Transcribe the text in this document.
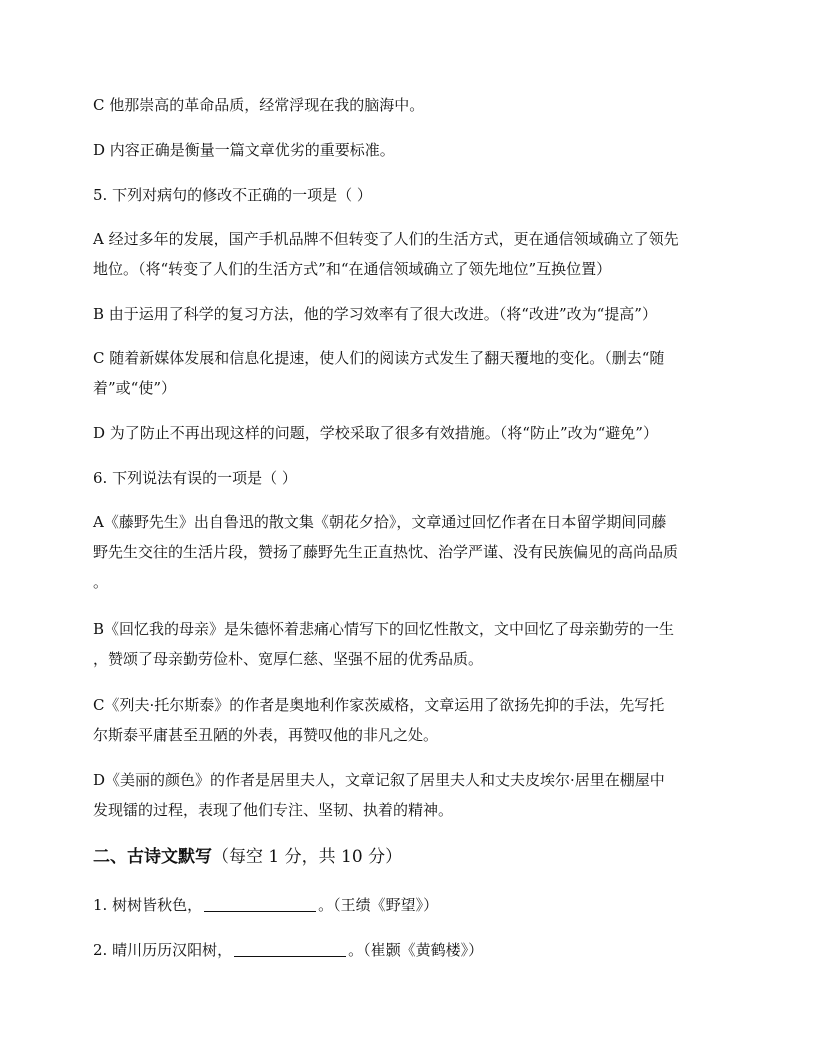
C 他那崇高的革命品质，经常浮现在我的脑海中。

D 内容正确是衡量一篇文章优劣的重要标准。

5. 下列对病句的修改不正确的一项是（ ）

A 经过多年的发展，国产手机品牌不但转变了人们的生活方式，更在通信领域确立了领先

地位。（将“转变了人们的生活方式”和“在通信领域确立了领先地位”互换位置）

B 由于运用了科学的复习方法，他的学习效率有了很大改进。（将“改进”改为“提高”）

C 随着新媒体发展和信息化提速，使人们的阅读方式发生了翻天覆地的变化。（删去“随

着”或“使”）

D 为了防止不再出现这样的问题，学校采取了很多有效措施。（将“防止”改为“避免”）

6. 下列说法有误的一项是（ ）

A《藤野先生》出自鲁迅的散文集《朝花夕拾》，文章通过回忆作者在日本留学期间同藤

野先生交往的生活片段，赞扬了藤野先生正直热忱、治学严谨、没有民族偏见的高尚品质

。

B《回忆我的母亲》是朱德怀着悲痛心情写下的回忆性散文，文中回忆了母亲勤劳的一生

，赞颂了母亲勤劳俭朴、宽厚仁慈、坚强不屈的优秀品质。

C《列夫·托尔斯泰》的作者是奥地利作家茨威格，文章运用了欲扬先抑的手法，先写托

尔斯泰平庸甚至丑陋的外表，再赞叹他的非凡之处。

D《美丽的颜色》的作者是居里夫人，文章记叙了居里夫人和丈夫皮埃尔·居里在棚屋中

发现镭的过程，表现了他们专注、坚韧、执着的精神。

二、古诗文默写（每空 1 分，共 10 分）

1. 树树皆秋色，	。（王绩《野望》）

2. 晴川历历汉阳树，	。（崔颢《黄鹤楼》）
